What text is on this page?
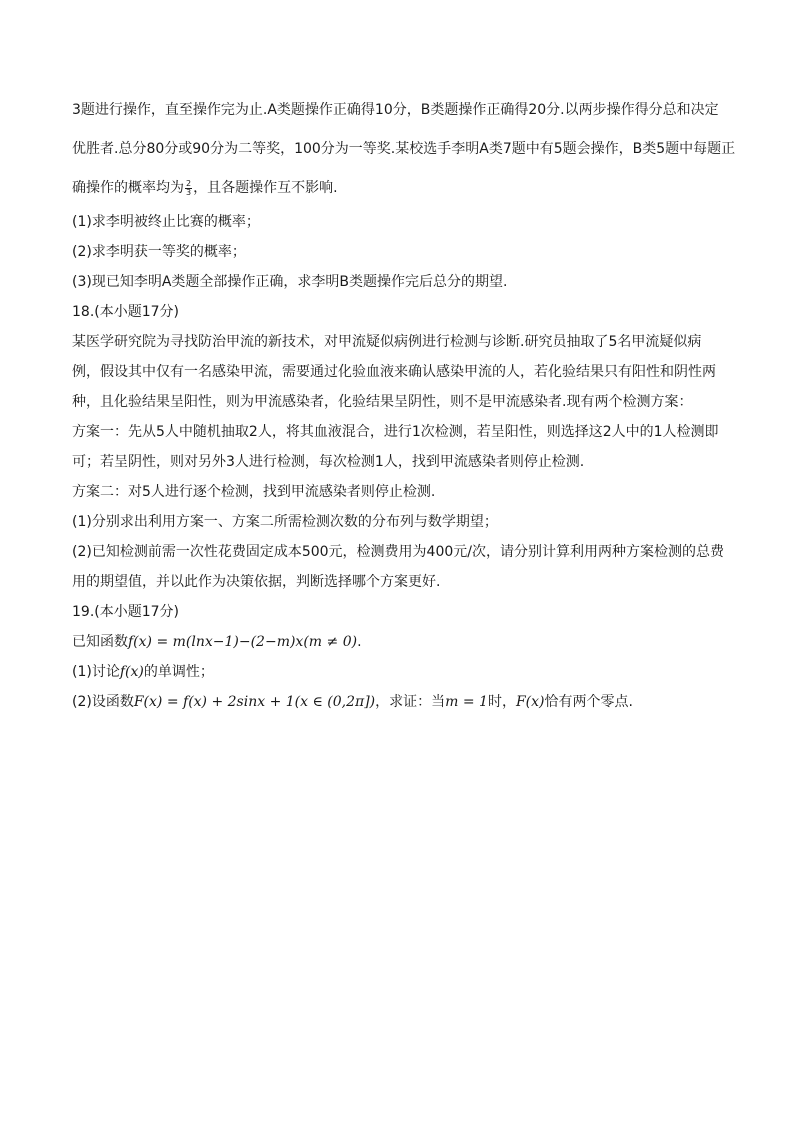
3题进行操作，直至操作完为止.A类题操作正确得10分，B类题操作正确得20分.以两步操作得分总和决定

优胜者.总分80分或90分为二等奖，100分为一等奖.某校选手李明A类7题中有5题会操作，B类5题中每题正

确操作的概率均为 $\frac{2}{3}$ ，且各题操作互不影响.

(1)求李明被终止比赛的概率；

(2)求李明获一等奖的概率；

(3)现已知李明A类题全部操作正确，求李明B类题操作完后总分的期望.

18.(本小题17分)

某医学研究院为寻找防治甲流的新技术，对甲流疑似病例进行检测与诊断.研究员抽取了5名甲流疑似病

例，假设其中仅有一名感染甲流，需要通过化验血液来确认感染甲流的人，若化验结果只有阳性和阴性两

种，且化验结果呈阳性，则为甲流感染者，化验结果呈阴性，则不是甲流感染者.现有两个检测方案：

方案一：先从5人中随机抽取2人，将其血液混合，进行1次检测，若呈阳性，则选择这2人中的1人检测即

可；若呈阴性，则对另外3人进行检测，每次检测1人，找到甲流感染者则停止检测.

方案二：对5人进行逐个检测，找到甲流感染者则停止检测.

(1)分别求出利用方案一、方案二所需检测次数的分布列与数学期望；

(2)已知检测前需一次性花费固定成本500元，检测费用为400元/次，请分别计算利用两种方案检测的总费

用的期望值，并以此作为决策依据，判断选择哪个方案更好.

19.(本小题17分)

已知函数f(x) = m(lnx−1)−(2−m)x(m ≠ 0).

(1)讨论f(x)的单调性；

(2)设函数F(x) = f(x) + 2sinx + 1(x ∈ (0,2π])，求证：当m = 1时，F(x)恰有两个零点.
